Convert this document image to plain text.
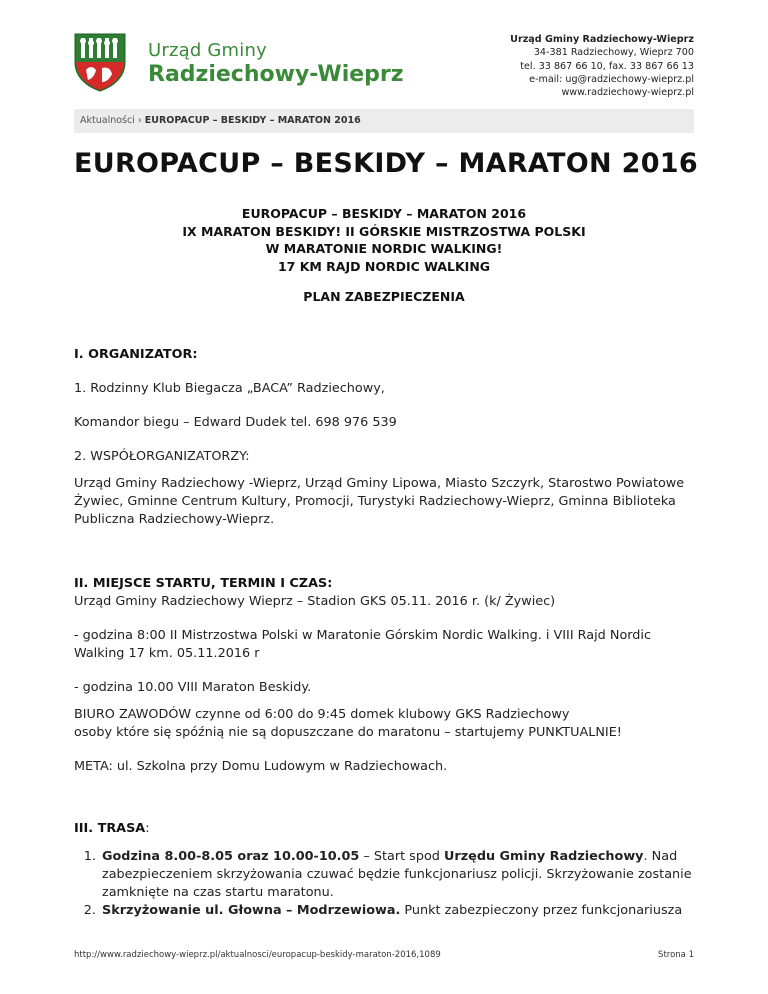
Urząd Gminy
Radziechowy-Wieprz
Urząd Gminy Radziechowy-Wieprz
34-381 Radziechowy, Wieprz 700
tel. 33 867 66 10, fax. 33 867 66 13
e-mail: ug@radziechowy-wieprz.pl
www.radziechowy-wieprz.pl
Aktualności › EUROPACUP – BESKIDY – MARATON 2016
EUROPACUP – BESKIDY – MARATON 2016
EUROPACUP – BESKIDY – MARATON 2016
IX MARATON BESKIDY! II GÓRSKIE MISTRZOSTWA POLSKI
W MARATONIE NORDIC WALKING!
17 KM RAJD NORDIC WALKING
PLAN ZABEZPIECZENIA

I. ORGANIZATOR:

1. Rodzinny Klub Biegacza „BACA” Radziechowy,

Komandor biegu – Edward Dudek tel. 698 976 539

2. WSPÓŁORGANIZATORZY:

Urząd Gminy Radziechowy -Wieprz, Urząd Gminy Lipowa, Miasto Szczyrk, Starostwo Powiatowe Żywiec, Gminne Centrum Kultury, Promocji, Turystyki Radziechowy-Wieprz, Gminna Biblioteka Publiczna Radziechowy-Wieprz.

II. MIEJSCE STARTU, TERMIN I CZAS:

Urząd Gminy Radziechowy Wieprz – Stadion GKS 05.11. 2016 r. (k/ Żywiec)

- godzina 8:00 II Mistrzostwa Polski w Maratonie Górskim Nordic Walking. i VIII Rajd Nordic Walking 17 km. 05.11.2016 r

- godzina 10.00 VIII Maraton Beskidy.

BIURO ZAWODÓW czynne od 6:00 do 9:45 domek klubowy GKS Radziechowy

osoby które się spóźnią nie są dopuszczane do maratonu – startujemy PUNKTUALNIE!

META: ul. Szkolna przy Domu Ludowym w Radziechowach.

III. TRASA:

1. Godzina 8.00-8.05 oraz 10.00-10.05 – Start spod Urzędu Gminy Radziechowy. Nad zabezpieczeniem skrzyżowania czuwać będzie funkcjonariusz policji. Skrzyżowanie zostanie zamknięte na czas startu maratonu.
2. Skrzyżowanie ul. Głowna – Modrzewiowa. Punkt zabezpieczony przez funkcjonariusza
http://www.radziechowy-wieprz.pl/aktualnosci/europacup-beskidy-maraton-2016,1089	Strona 1
